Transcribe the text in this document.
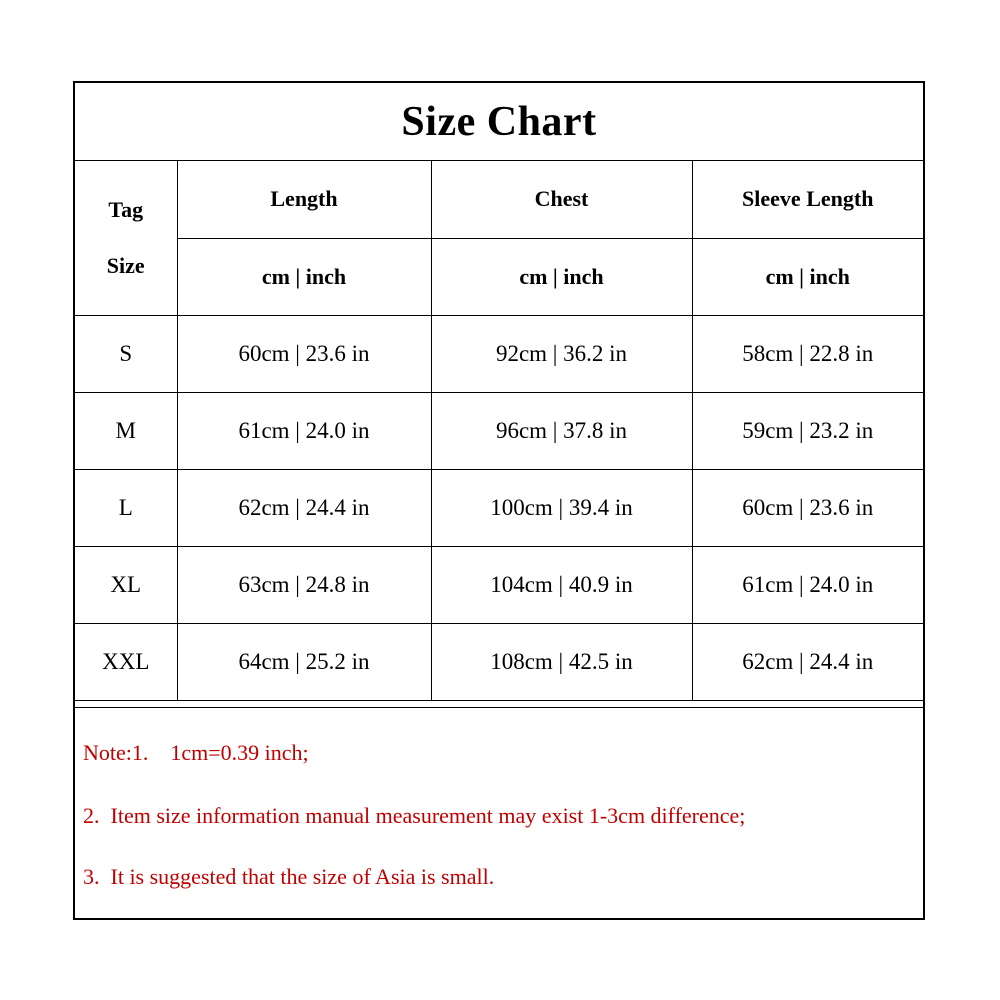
Size Chart
Tag
Size	Length	Chest	Sleeve Length
	cm | inch	cm | inch	cm | inch
S	60cm | 23.6 in	92cm | 36.2 in	58cm | 22.8 in
M	61cm | 24.0 in	96cm | 37.8 in	59cm | 23.2 in
L	62cm | 24.4 in	100cm | 39.4 in	60cm | 23.6 in
XL	63cm | 24.8 in	104cm | 40.9 in	61cm | 24.0 in
XXL	64cm | 25.2 in	108cm | 42.5 in	62cm | 24.4 in
Note:1.    1cm=0.39 inch;
2.  Item size information manual measurement may exist 1-3cm difference;
3.  It is suggested that the size of Asia is small.
